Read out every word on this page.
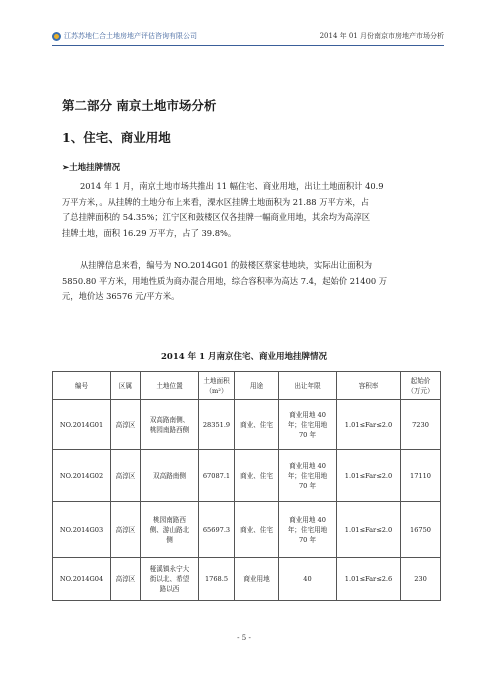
江苏苏地仁合土地房地产评估咨询有限公司	2014 年 01 月份南京市房地产市场分析
第二部分 南京土地市场分析
1、住宅、商业用地
➢土地挂牌情况
2014 年 1 月，南京土地市场共推出 11 幅住宅、商业用地，出让土地面积计 40.9
万平方米，。从挂牌的土地分布上来看，溧水区挂牌土地面积为 21.88 万平方米，占
了总挂牌面积的 54.35%；江宁区和鼓楼区仅各挂牌一幅商业用地，其余均为高淳区
挂牌土地，面积 16.29 万平方，占了 39.8%。
从挂牌信息来看，编号为 NO.2014G01 的鼓楼区蔡家巷地块，实际出让面积为
5850.80 平方米，用地性质为商办混合用地，综合容积率为高达 7.4，起始价 21400 万
元，地价达 36576 元/平方米。
2014 年 1 月南京住宅、商业用地挂牌情况
编号	区属	土地位置	土地面积
（m²）	用途	出让年限	容积率	起始价
（万元）
NO.2014G01	高淳区	双高路南侧、
桃园南路西侧	28351.9	商业、住宅	商业用地 40
年；住宅用地
70 年	1.01≤Far≤2.0	7230
NO.2014G02	高淳区	双高路南侧	67087.1	商业、住宅	商业用地 40
年；住宅用地
70 年	1.01≤Far≤2.0	17110
NO.2014G03	高淳区	桃园南路西
侧、游山路北
侧	65697.3	商业、住宅	商业用地 40
年；住宅用地
70 年	1.01≤Far≤2.0	16750
NO.2014G04	高淳区	桠溪镇永宁大
街以北、希望
路以西	1768.5	商业用地	40	1.01≤Far≤2.6	230
- 5 -
